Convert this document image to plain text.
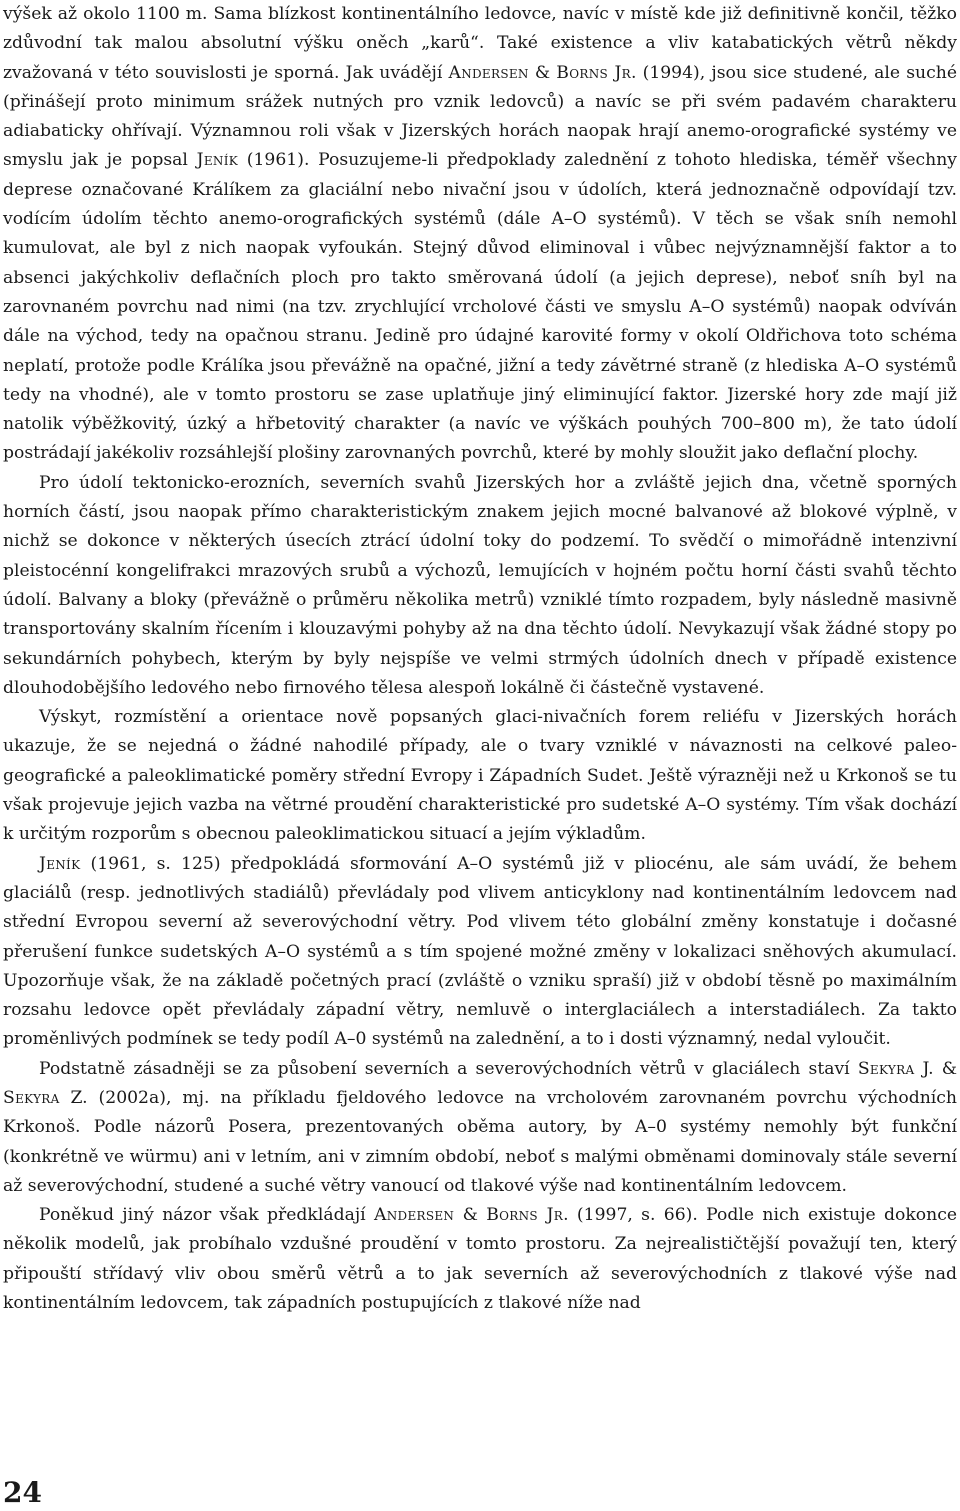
výšek až okolo 1100 m. Sama blízkost kontinentálního ledovce, navíc v místě kde již definitivně končil, těžko zdůvodní tak malou absolutní výšku oněch „karů“. Také existence a vliv katabatických větrů někdy zvažovaná v této souvislosti je sporná. Jak uvádějí Andersen & Borns Jr. (1994), jsou sice studené, ale suché (přinášejí proto minimum srážek nutných pro vznik ledovců) a navíc se při svém padavém charakteru adiabaticky ohřívají. Významnou roli však v Jizerských horách naopak hrají anemo-orografické systémy ve smyslu jak je popsal Jeník (1961). Posuzujeme-li předpoklady zalednění z tohoto hlediska, téměř všechny deprese označované Králíkem za glaciální nebo nivační jsou v údolích, která jednoznačně odpovídají tzv. vodícím údolím těchto anemo-orografických systémů (dále A–O systémů). V těch se však sníh nemohl kumulovat, ale byl z nich naopak vyfoukán. Stejný důvod eliminoval i vůbec nejvýznamnější faktor a to absenci jakýchkoliv deflačních ploch pro takto směrovaná údolí (a jejich deprese), neboť sníh byl na zarovnaném povrchu nad nimi (na tzv. zrychlující vrcholové části ve smyslu A–O systémů) naopak odvíván dále na východ, tedy na opačnou stranu. Jedině pro údajné karovité formy v okolí Oldřichova toto schéma neplatí, protože podle Králíka jsou převážně na opačné, jižní a tedy závětrné straně (z hlediska A–O systémů tedy na vhodné), ale v tomto prostoru se zase uplatňuje jiný eliminující faktor. Jizerské hory zde mají již natolik výběžkovitý, úzký a hřbetovitý charakter (a navíc ve výškách pouhých 700–800 m), že tato údolí postrádají jakékoliv rozsáhlejší plošiny zarovnaných povrchů, které by mohly sloužit jako deflační plochy.

Pro údolí tektonicko-erozních, severních svahů Jizerských hor a zvláště jejich dna, včetně sporných horních částí, jsou naopak přímo charakteristickým znakem jejich mocné balvanové až blokové výplně, v nichž se dokonce v některých úsecích ztrácí údolní toky do podzemí. To svědčí o mimořádně intenzivní pleistocénní kongelifrakci mrazových srubů a výchozů, lemujících v hojném počtu horní části svahů těchto údolí. Balvany a bloky (převážně o průměru několika metrů) vzniklé tímto rozpadem, byly následně masivně transportovány skalním řícením i klouzavými pohyby až na dna těchto údolí. Nevykazují však žádné stopy po sekundárních pohybech, kterým by byly nejspíše ve velmi strmých údolních dnech v případě existence dlouhodobějšího ledového nebo firnového tělesa alespoň lokálně či částečně vystavené.

Výskyt, rozmístění a orientace nově popsaných glaci-nivačních forem reliéfu v Jizerských horách ukazuje, že se nejedná o žádné nahodilé případy, ale o tvary vzniklé v návaznosti na celkové paleogeografické a paleoklimatické poměry střední Evropy i Západních Sudet. Ještě výrazněji než u Krkonoš se tu však projevuje jejich vazba na větrné proudění charakteristické pro sudetské A–O systémy. Tím však dochází k určitým rozporům s obecnou paleoklimatickou situací a jejím výkladům.

Jeník (1961, s. 125) předpokládá sformování A–O systémů již v pliocénu, ale sám uvádí, že behem glaciálů (resp. jednotlivých stadiálů) převládaly pod vlivem anticyklony nad kontinentálním ledovcem nad střední Evropou severní až severovýchodní větry. Pod vlivem této globální změny konstatuje i dočasné přerušení funkce sudetských A–O systémů a s tím spojené možné změny v lokalizaci sněhových akumulací. Upozorňuje však, že na základě početných prací (zvláště o vzniku spraší) již v období těsně po maximálním rozsahu ledovce opět převládaly západní větry, nemluvě o interglaciálech a interstadiálech. Za takto proměnlivých podmínek se tedy podíl A–0 systémů na zalednění, a to i dosti významný, nedal vyloučit.

Podstatně zásadněji se za působení severních a severovýchodních větrů v glaciálech staví Sekyra J. & Sekyra Z. (2002a), mj. na příkladu fjeldového ledovce na vrcholovém zarovnaném povrchu východních Krkonoš. Podle názorů Posera, prezentovaných oběma autory, by A–0 systémy nemohly být funkční (konkrétně ve würmu) ani v letním, ani v zimním období, neboť s malými obměnami dominovaly stále severní až severovýchodní, studené a suché větry vanoucí od tlakové výše nad kontinentálním ledovcem.

Poněkud jiný názor však předkládají Andersen & Borns Jr. (1997, s. 66). Podle nich existuje dokonce několik modelů, jak probíhalo vzdušné proudění v tomto prostoru. Za nejrealističtější považují ten, který připouští střídavý vliv obou směrů větrů a to jak severních až severovýchodních z tlakové výše nad kontinentálním ledovcem, tak západních postupujících z tlakové níže nad

24
